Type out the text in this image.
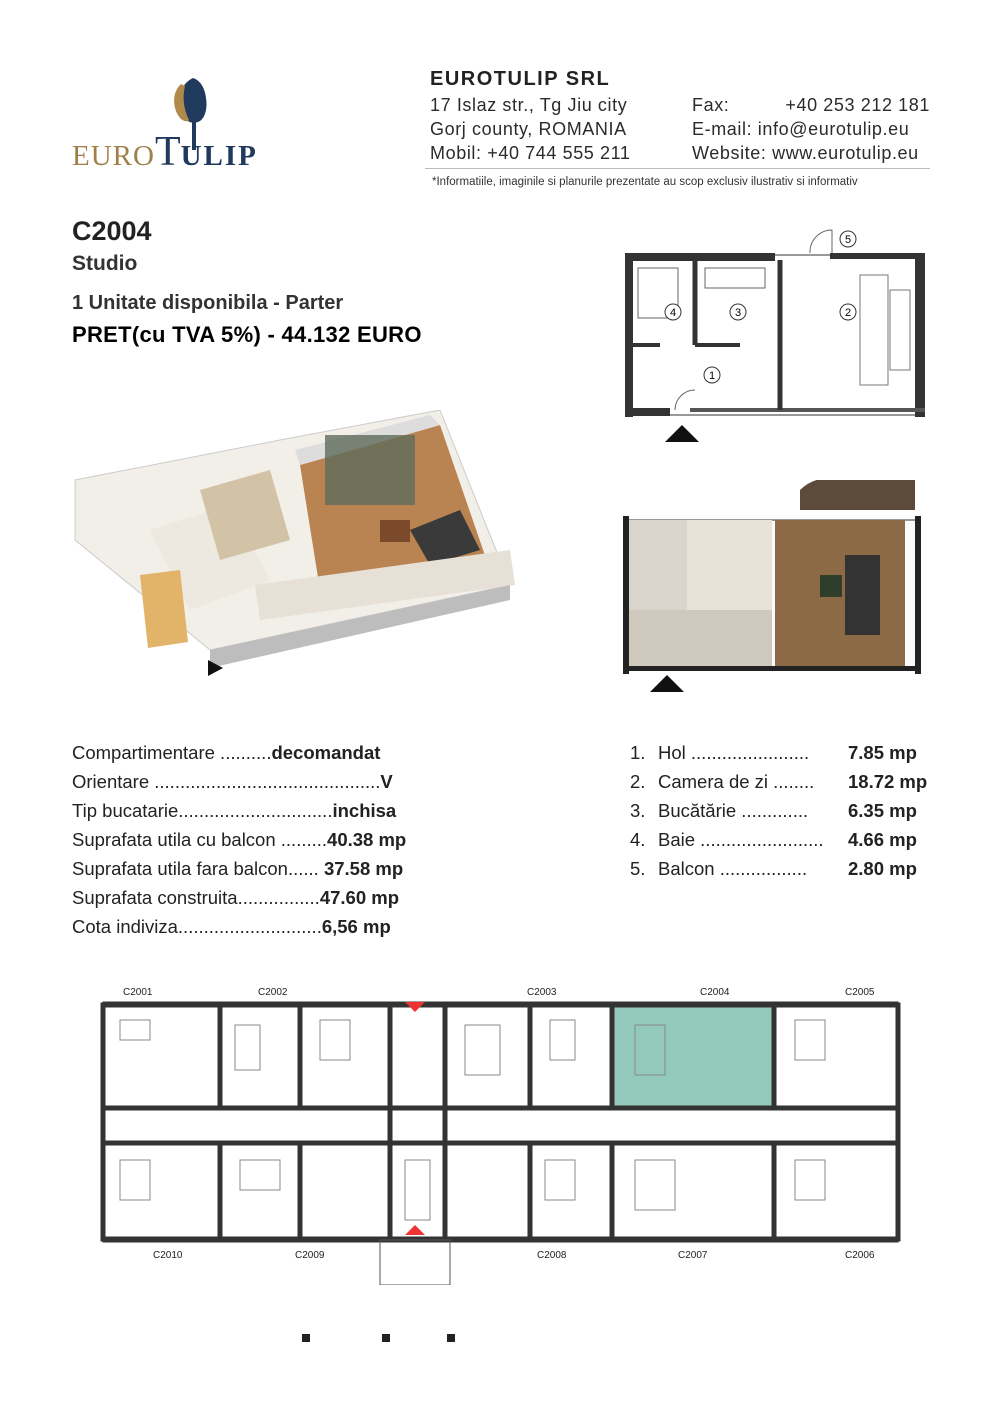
EUROTULIP
EUROTULIP SRL
17 Islaz str., Tg Jiu city	Fax:	+40 253 212 181
Gorj county, ROMANIA	E-mail: info@eurotulip.eu
Mobil: +40 744 555 211	Website: www.eurotulip.eu
*Informatiile, imaginile si planurile prezentate au scop exclusiv ilustrativ si informativ
C2004
Studio
1 Unitate disponibila - Parter
PRET(cu TVA 5%) - 44.132 EURO
1
2
3
4
5
Compartimentare ..........decomandat
Orientare ............................................V
Tip bucatarie..............................inchisa
Suprafata utila cu balcon .........40.38 mp
Suprafata utila fara balcon...... 37.58 mp
Suprafata construita................47.60 mp
Cota indiviza............................6,56 mp
1. Hol .......................	7.85 mp
2. Camera de zi ........	18.72 mp
3. Bucătărie .............	6.35 mp
4. Baie ........................	4.66 mp
5. Balcon .................	2.80 mp
C2001	C2002	C2003	C2004	C2005
C2010	C2009	C2008	C2007	C2006
